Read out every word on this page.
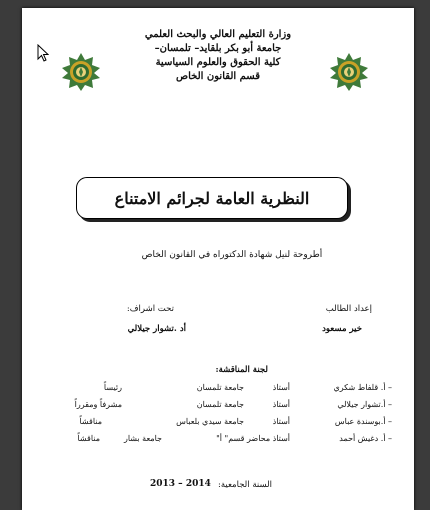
وزارة التعليم العالي والبحث العلمي
جامعة أبو بكر بلقايد– تلمسان–
كلية الحقوق والعلوم السياسية
قسم القانون الخاص
النظرية العامة لجرائم الامتناع
أطروحة لنيل شهادة الدكتوراه في القانون الخاص
إعداد الطالب
خير مسعود
تحت اشراف:
أد .تشوار جيلالي
لجنة المناقشة:
– أ. قلفاط شكري
أستاذ
جامعة تلمسان
رئيساً
– أ.تشوار جيلالي
أستاذ
جامعة تلمسان
مشرفاً ومقرراً
– أ.بوسندة عباس
أستاذ
جامعة سيدي بلعباس
مناقشاً
– أ. دغيش أحمد
أستاذ محاضر قسم" أ"
جامعة بشار
مناقشاً
السنة الجامعية:
2013 – 2014
